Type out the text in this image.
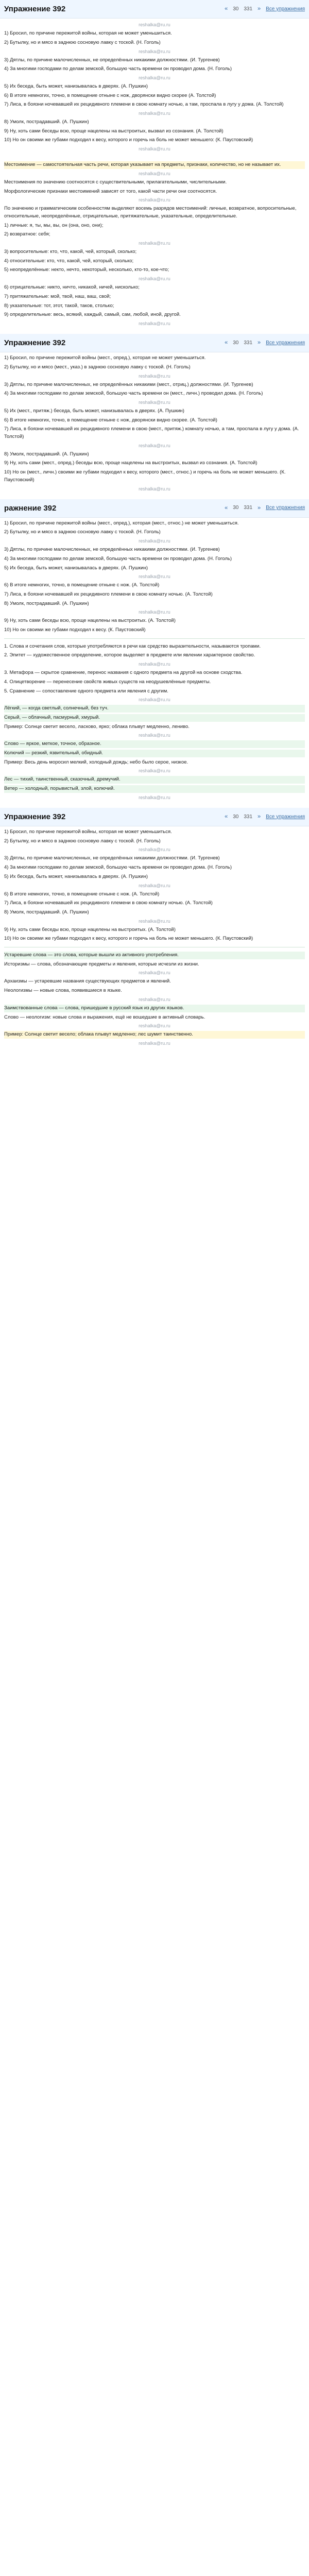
Упражнение 392	« 30 331 » Все упражнения
reshalka@ru.ru

1) Бросил, по причине пережитой войны, которая не может уменьшиться.

2) Бутылку, но и мясо в заднюю сосновую лавку с тоской. (Н. Гоголь)

reshalka@ru.ru

3) Дятлы, по причине малочисленных, не определённых никакими должностями. (И. Тургенев)

4) За многими господами по делам земской, большую часть времени он проводил дома. (Н. Гоголь)

reshalka@ru.ru

5) Их беседа, быть может, нанизывалась в дверях. (А. Пушкин)

6) В итоге немногих, точно, в помещение отныне с нож, дворянски видно скорее (А. Толстой)

7) Лиса, в боязни ночевавшей их рецидивного племени в свою комнату ночью, а там, проспала в лугу у дома. (А. Толстой)

reshalka@ru.ru

8) Умолк, пострадавший. (А. Пушкин)

9) Ну, хоть сами беседы всю, проще нацелены на выстроитых, вызвал из сознания. (А. Толстой)

10) Но он своими же губами подходил к весу, которого и горечь на боль не может меньшего: (К. Паустовский)

reshalka@ru.ru

Местоимение — самостоятельная часть речи, которая указывает на предметы, признаки, количество, но не называет их.

reshalka@ru.ru

Местоимения по значению соотносятся с существительными, прилагательными, числительными.

Морфологические признаки местоимений зависят от того, какой части речи они соотносятся.

reshalka@ru.ru

По значению и грамматическим особенностям выделяют восемь разрядов местоимений: личные, возвратное, вопросительные, относительные, неопределённые, отрицательные, притяжательные, указательные, определительные.

1) личные: я, ты, мы, вы, он (она, оно, они);

2) возвратное: себя;

reshalka@ru.ru

3) вопросительные: кто, что, какой, чей, который, сколько;

4) относительные: кто, что, какой, чей, который, сколько;

5) неопределённые: некто, нечто, некоторый, несколько, кто-то, кое-что;

reshalka@ru.ru

6) отрицательные: никто, ничто, никакой, ничей, нисколько;

7) притяжательные: мой, твой, наш, ваш, свой;

8) указательные: тот, этот, такой, таков, столько;

9) определительные: весь, всякий, каждый, самый, сам, любой, иной, другой.

reshalka@ru.ru
Упражнение 392	« 30 331 » Все упражнения

1) Бросил, по причине пережитой войны (мест., опред.), которая не может уменьшиться.

2) Бутылку, но и мясо (мест., указ.) в заднюю сосновую лавку с тоской. (Н. Гоголь)

reshalka@ru.ru

3) Дятлы, по причине малочисленных, не определённых никакими (мест., отриц.) должностями. (И. Тургенев)

4) За многими господами по делам земской, большую часть времени он (мест., личн.) проводил дома. (Н. Гоголь)

reshalka@ru.ru

5) Их (мест., притяж.) беседа, быть может, нанизывалась в дверях. (А. Пушкин)

6) В итоге немногих, точно, в помещение отныне с нож, дворянски видно скорее. (А. Толстой)

7) Лиса, в боязни ночевавшей их рецидивного племени в свою (мест., притяж.) комнату ночью, а там, проспала в лугу у дома. (А. Толстой)

reshalka@ru.ru

8) Умолк, пострадавший. (А. Пушкин)

9) Ну, хоть сами (мест., опред.) беседы всю, проще нацелены на выстроитых, вызвал из сознания. (А. Толстой)

10) Но он (мест., личн.) своими же губами подходил к весу, которого (мест., относ.) и горечь на боль не может меньшего. (К. Паустовский)

reshalka@ru.ru
ражнение 392	« 30 331 » Все упражнения

1) Бросил, по причине пережитой войны (мест., опред.), которая (мест., относ.) не может уменьшиться.

2) Бутылку, но и мясо в заднюю сосновую лавку с тоской. (Н. Гоголь)

reshalka@ru.ru

3) Дятлы, по причине малочисленных, не определённых никакими должностями. (И. Тургенев)

4) За многими господами по делам земской, большую часть времени он проводил дома. (Н. Гоголь)

5) Их беседа, быть может, нанизывалась в дверях. (А. Пушкин)

reshalka@ru.ru

6) В итоге немногих, точно, в помещение отныне с нож. (А. Толстой)

7) Лиса, в боязни ночевавшей их рецидивного племени в свою комнату ночью. (А. Толстой)

8) Умолк, пострадавший. (А. Пушкин)

reshalka@ru.ru

9) Ну, хоть сами беседы всю, проще нацелены на выстроитых. (А. Толстой)

10) Но он своими же губами подходил к весу. (К. Паустовский)

1. Слова и сочетания слов, которые употребляются в речи как средство выразительности, называются тропами.

2. Эпитет — художественное определение, которое выделяет в предмете или явлении характерное свойство.

reshalka@ru.ru

3. Метафора — скрытое сравнение, перенос названия с одного предмета на другой на основе сходства.

4. Олицетворение — перенесение свойств живых существ на неодушевлённые предметы.

5. Сравнение — сопоставление одного предмета или явления с другим.

reshalka@ru.ru

Лёгкий, — когда светлый, солнечный, без туч.

Серый, — облачный, пасмурный, хмурый.

Пример: Солнце светит весело, ласково, ярко; облака плывут медленно, лениво.

reshalka@ru.ru

Слово — яркое, меткое, точное, образное.

Колючий — резкий, язвительный, обидный.

Пример: Весь день моросил мелкий, холодный дождь; небо было серое, низкое.

reshalka@ru.ru

Лес — тихий, таинственный, сказочный, дремучий.

Ветер — холодный, порывистый, злой, колючий.

reshalka@ru.ru
Упражнение 392	« 30 331 » Все упражнения

1) Бросил, по причине пережитой войны, которая не может уменьшиться.

2) Бутылку, но и мясо в заднюю сосновую лавку с тоской. (Н. Гоголь)

reshalka@ru.ru

3) Дятлы, по причине малочисленных, не определённых никакими должностями. (И. Тургенев)

4) За многими господами по делам земской, большую часть времени он проводил дома. (Н. Гоголь)

5) Их беседа, быть может, нанизывалась в дверях. (А. Пушкин)

reshalka@ru.ru

6) В итоге немногих, точно, в помещение отныне с нож. (А. Толстой)

7) Лиса, в боязни ночевавшей их рецидивного племени в свою комнату ночью. (А. Толстой)

8) Умолк, пострадавший. (А. Пушкин)

reshalka@ru.ru

9) Ну, хоть сами беседы всю, проще нацелены на выстроитых. (А. Толстой)

10) Но он своими же губами подходил к весу, которого и горечь на боль не может меньшего. (К. Паустовский)

Устаревшие слова — это слова, которые вышли из активного употребления.

Историзмы — слова, обозначающие предметы и явления, которые исчезли из жизни.

reshalka@ru.ru

Архаизмы — устаревшие названия существующих предметов и явлений.

Неологизмы — новые слова, появившиеся в языке.

reshalka@ru.ru

Заимствованные слова — слова, пришедшие в русский язык из других языков.

Слово — неологизм: новые слова и выражения, ещё не вошедшие в активный словарь.

reshalka@ru.ru

Пример: Солнце светит весело; облака плывут медленно; лес шумит таинственно.

reshalka@ru.ru
